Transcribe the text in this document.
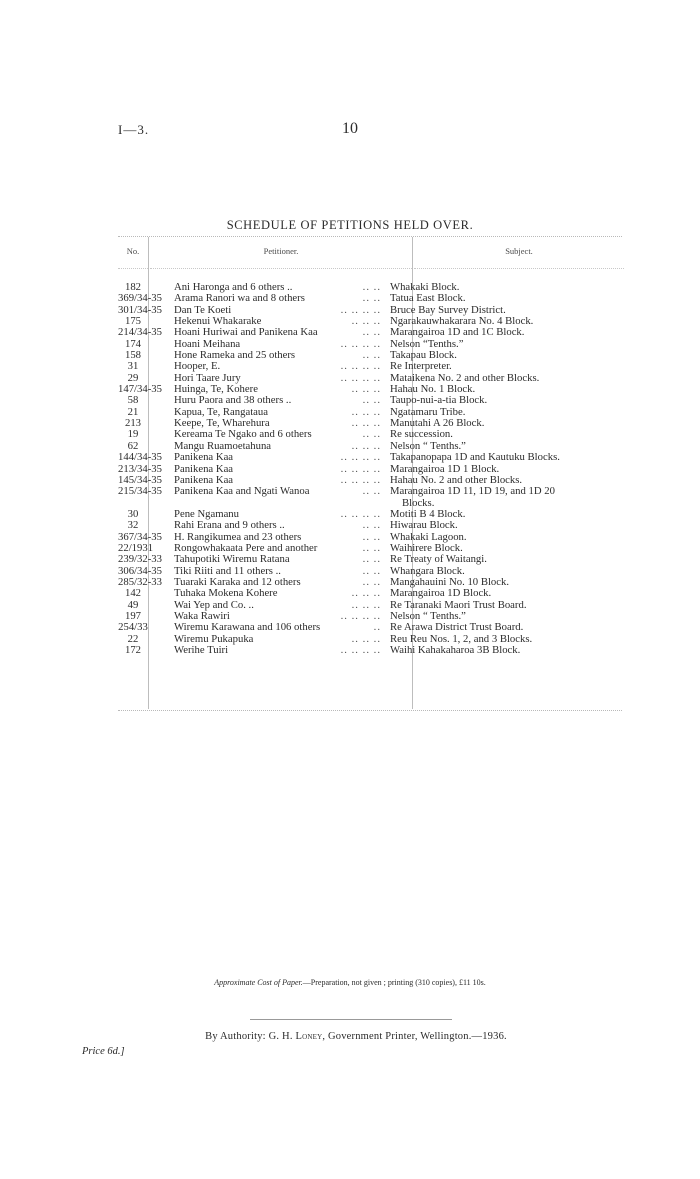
I—3.	10
SCHEDULE OF PETITIONS HELD OVER.
No.	Petitioner.	Subject.
182	Ani Haronga and 6 others ..	.. .. Whakaki Block.
369/34-35 Arama Ranori wa and 8 others	.. .. Tatua East Block.
301/34-35 Dan Te Koeti	.. .. .. .. Bruce Bay Survey District.
175	Hekenui Whakarake	.. .. .. Ngarakauwhakarara No. 4 Block.
214/34-35 Hoani Huriwai and Panikena Kaa	.. .. Marangairoa 1D and 1C Block.
174	Hoani Meihana	.. .. .. .. Nelson “Tenths.”
158	Hone Rameka and 25 others	.. .. Takapau Block.
31	Hooper, E.	.. .. .. .. Re Interpreter.
29	Hori Taare Jury	.. .. .. .. Mataikena No. 2 and other Blocks.
147/34-35 Huinga, Te, Kohere	.. .. .. Hahau No. 1 Block.
58	Huru Paora and 38 others ..	.. .. Taupo-nui-a-tia Block.
21	Kapua, Te, Rangataua	.. .. .. Ngatamaru Tribe.
213	Keepe, Te, Wharehura	.. .. .. Manutahi A 26 Block.
19	Kereama Te Ngako and 6 others	.. .. Re succession.
62	Mangu Ruamoetahuna	.. .. .. Nelson “ Tenths.”
144/34-35 Panikena Kaa	.. .. .. .. Takapanopapa 1D and Kautuku Blocks.
213/34-35 Panikena Kaa	.. .. .. .. Marangairoa 1D 1 Block.
145/34-35 Panikena Kaa	.. .. .. .. Hahau No. 2 and other Blocks.
215/34-35 Panikena Kaa and Ngati Wanoa	.. .. Marangairoa 1D 11, 1D 19, and 1D 20
Blocks.
30	Pene Ngamanu	.. .. .. .. Motiti B 4 Block.
32	Rahi Erana and 9 others ..	.. .. Hiwarau Block.
367/34-35 H. Rangikumea and 23 others	.. .. Whakaki Lagoon.
22/1931 Rongowhakaata Pere and another	.. .. Waihirere Block.
239/32-33 Tahupotiki Wiremu Ratana	.. .. Re Treaty of Waitangi.
306/34-35 Tiki Riiti and 11 others ..	.. .. Whangara Block.
285/32-33 Tuaraki Karaka and 12 others	.. .. Mangahauini No. 10 Block.
142	Tuhaka Mokena Kohere	.. .. .. Marangairoa 1D Block.
49	Wai Yep and Co. ..	.. .. .. Re Taranaki Maori Trust Board.
197	Waka Rawiri	.. .. .. .. Nelson “ Tenths.”
254/33 Wiremu Karawana and 106 others	.. Re Arawa District Trust Board.
22	Wiremu Pukapuka	.. .. .. Reu Reu Nos. 1, 2, and 3 Blocks.
172	Werihe Tuiri	.. .. .. .. Waihi Kahakaharoa 3B Block.
Approximate Cost of Paper.—Preparation, not given ; printing (310 copies), £11 10s.
By Authority: G. H. Loney, Government Printer, Wellington.—1936.
Price 6d.]
